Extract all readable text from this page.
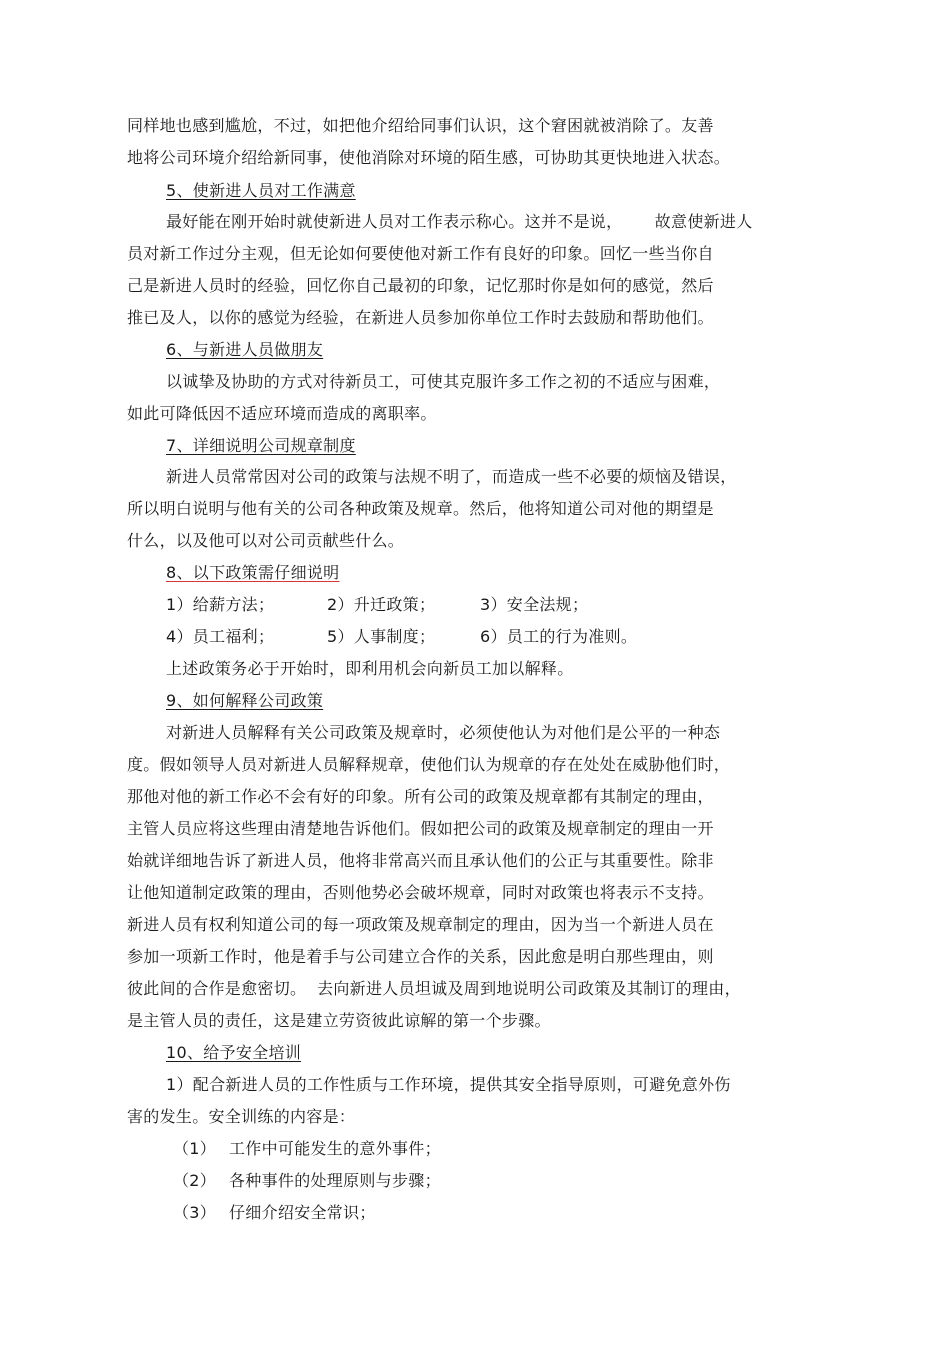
同样地也感到尴尬，不过，如把他介绍给同事们认识，这个窘困就被消除了。友善
地将公司环境介绍给新同事，使他消除对环境的陌生感，可协助其更快地进入状态。
5、使新进人员对工作满意
最好能在刚开始时就使新进人员对工作表示称心。这并不是说，      故意使新进人
员对新工作过分主观，但无论如何要使他对新工作有良好的印象。回忆一些当你自
己是新进人员时的经验，回忆你自己最初的印象，记忆那时你是如何的感觉，然后
推已及人，以你的感觉为经验，在新进人员参加你单位工作时去鼓励和帮助他们。
6、与新进人员做朋友
以诚挚及协助的方式对待新员工，可使其克服许多工作之初的不适应与困难，
如此可降低因不适应环境而造成的离职率。
7、详细说明公司规章制度
新进人员常常因对公司的政策与法规不明了，而造成一些不必要的烦恼及错误，
所以明白说明与他有关的公司各种政策及规章。然后，他将知道公司对他的期望是
什么，以及他可以对公司贡献些什么。
8、以下政策需仔细说明
1）给薪方法；	2）升迁政策；	3）安全法规；
4）员工福利；	5）人事制度；	6）员工的行为准则。
上述政策务必于开始时，即利用机会向新员工加以解释。
9、如何解释公司政策
对新进人员解释有关公司政策及规章时，必须使他认为对他们是公平的一种态
度。假如领导人员对新进人员解释规章，使他们认为规章的存在处处在威胁他们时，
那他对他的新工作必不会有好的印象。所有公司的政策及规章都有其制定的理由，
主管人员应将这些理由清楚地告诉他们。假如把公司的政策及规章制定的理由一开
始就详细地告诉了新进人员，他将非常高兴而且承认他们的公正与其重要性。除非
让他知道制定政策的理由，否则他势必会破坏规章，同时对政策也将表示不支持。
新进人员有权利知道公司的每一项政策及规章制定的理由，因为当一个新进人员在
参加一项新工作时，他是着手与公司建立合作的关系，因此愈是明白那些理由，则
彼此间的合作是愈密切。  去向新进人员坦诚及周到地说明公司政策及其制订的理由，
是主管人员的责任，这是建立劳资彼此谅解的第一个步骤。
10、给予安全培训
1）配合新进人员的工作性质与工作环境，提供其安全指导原则，可避免意外伤
害的发生。安全训练的内容是：
（1） 工作中可能发生的意外事件；
（2） 各种事件的处理原则与步骤；
（3） 仔细介绍安全常识；
